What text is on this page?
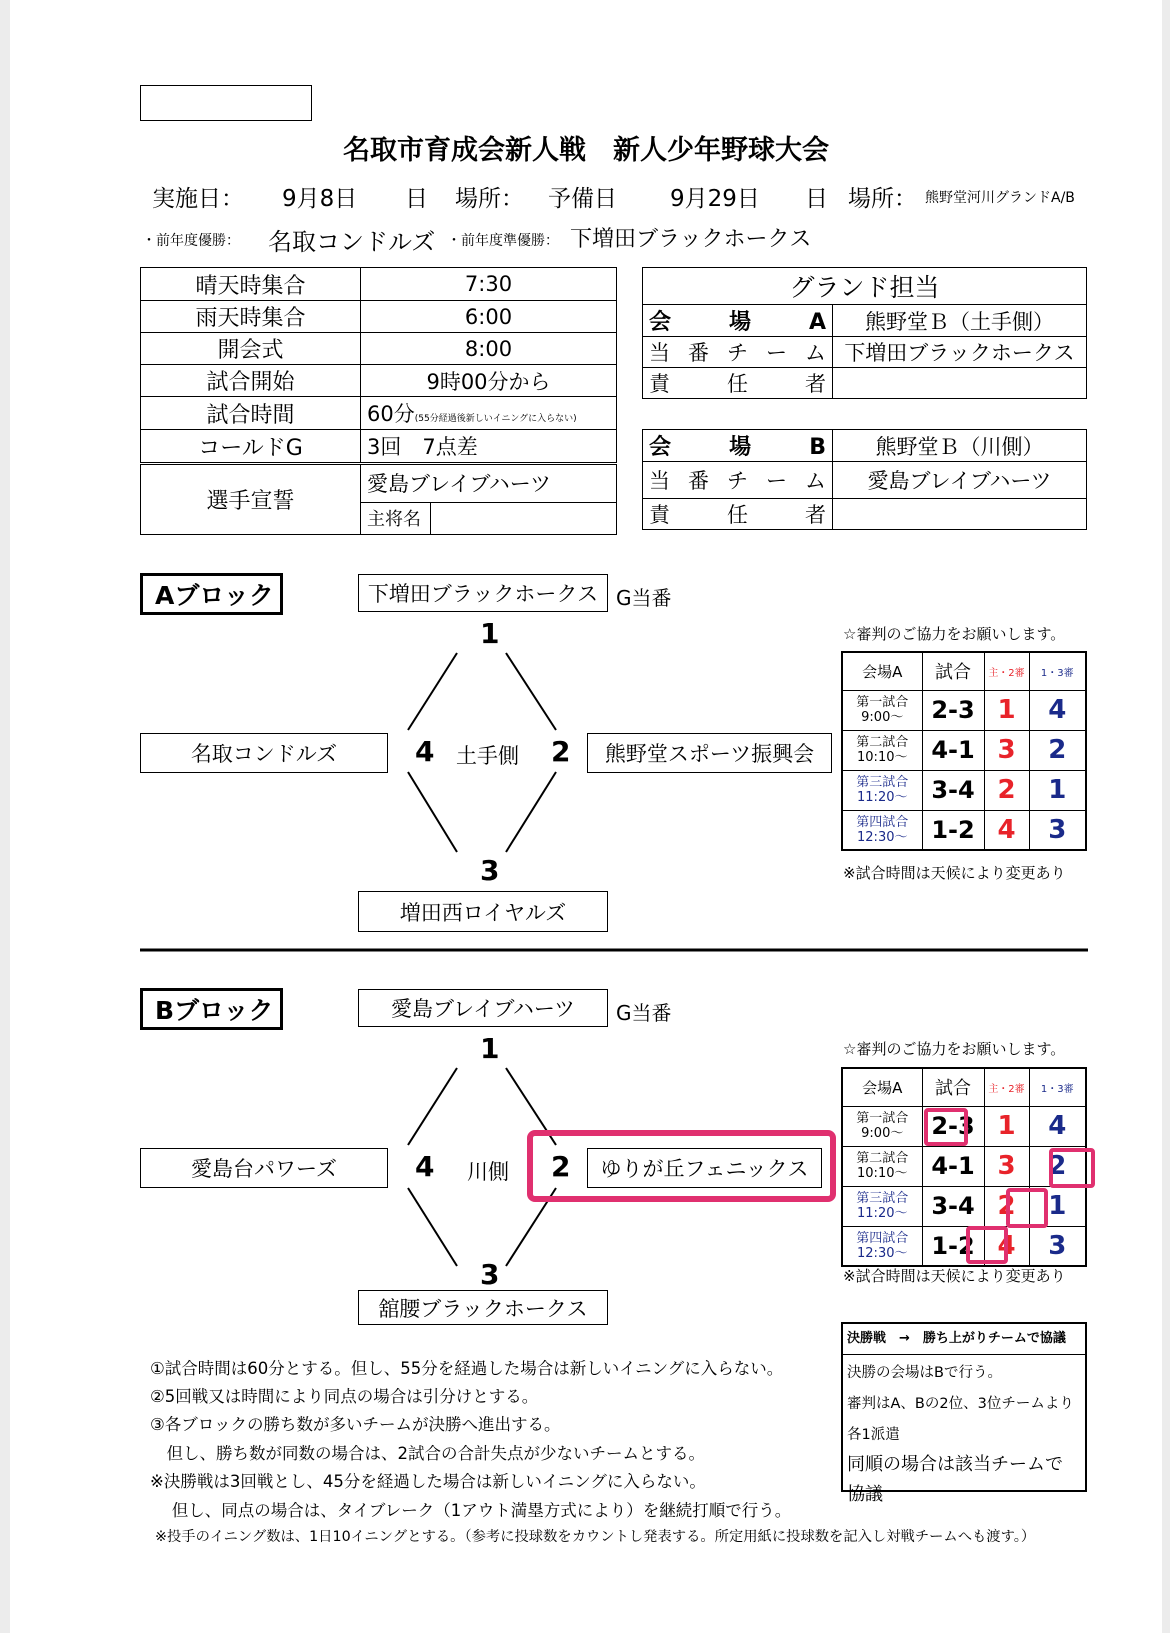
名取市育成会新人戦　新人少年野球大会
実施日： 9月8日 日 場所： 予備日 9月29日 日 場所： 熊野堂河川グランドA/B
・前年度優勝： 名取コンドルズ ・前年度準優勝： 下増田ブラックホークス
晴天時集合	7:30
雨天時集合	6:00
開会式	8:00
試合開始	9時00分から
試合時間	60分(55分経過後新しいイニングに入らない)
コールドG	3回　7点差
選手宣誓	愛島ブレイブハーツ	
	主将名	
グランド担当	
会場A	熊野堂Ｂ（土手側）
当番チーム	下増田ブラックホークス
責任者	
会場B	熊野堂Ｂ（川側）
当番チーム	愛島ブレイブハーツ
責任者	
Aブロック	下増田ブラックホークス G当番
1
4 土手側 2
3
名取コンドルズ	熊野堂スポーツ振興会
増田西ロイヤルズ
☆審判のご協力をお願いします。
会場A	試合	主・2審	1・3審

第一試合
9:00～	2-3	1	4

第二試合
10:10～	4-1	3	2

第三試合
11:20～	3-4	2	1

第四試合
12:30～	1-2	4	3
※試合時間は天候により変更あり
Bブロック	愛島ブレイブハーツ	G当番
1
4 川側 2
3
愛島台パワーズ	ゆりが丘フェニックス
舘腰ブラックホークス
☆審判のご協力をお願いします。
会場A	試合	主・2審	1・3審

第一試合
9:00～	2-3	1	4

第二試合
10:10～	4-1	3	2

第三試合
11:20～	3-4	2	1

第四試合
12:30～	1-2	4	3
※試合時間は天候により変更あり
決勝戦　→　勝ち上がりチームで協議
決勝の会場はBで行う。
審判はA、Bの2位、3位チームより
各1派遣
同順の場合は該当チームで
協議
①試合時間は60分とする。但し、55分を経過した場合は新しいイニングに入らない。
②5回戦又は時間により同点の場合は引分けとする。
③各ブロックの勝ち数が多いチームが決勝へ進出する。
　但し、勝ち数が同数の場合は、2試合の合計失点が少ないチームとする。
※決勝戦は3回戦とし、45分を経過した場合は新しいイニングに入らない。
　 但し、同点の場合は、タイブレーク（1アウト満塁方式により）を継続打順で行う。
※投手のイニング数は、1日10イニングとする。（参考に投球数をカウントし発表する。所定用紙に投球数を記入し対戦チームへも渡す。）
